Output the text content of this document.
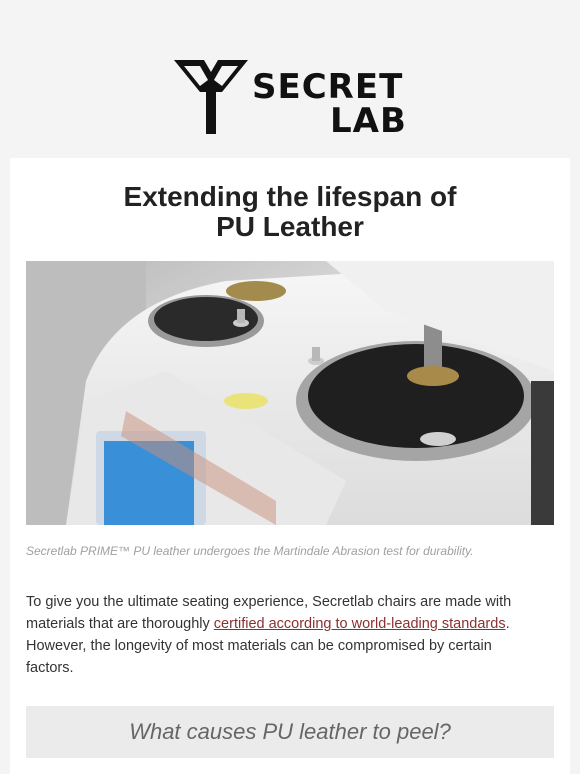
SECRET
LAB
Extending the lifespan of
PU Leather
Secretlab PRIME™ PU leather undergoes the Martindale Abrasion test for durability.

To give you the ultimate seating experience, Secretlab chairs are made with materials that are thoroughly certified according to world-leading standards. However, the longevity of most materials can be compromised by certain factors.

What causes PU leather to peel?
